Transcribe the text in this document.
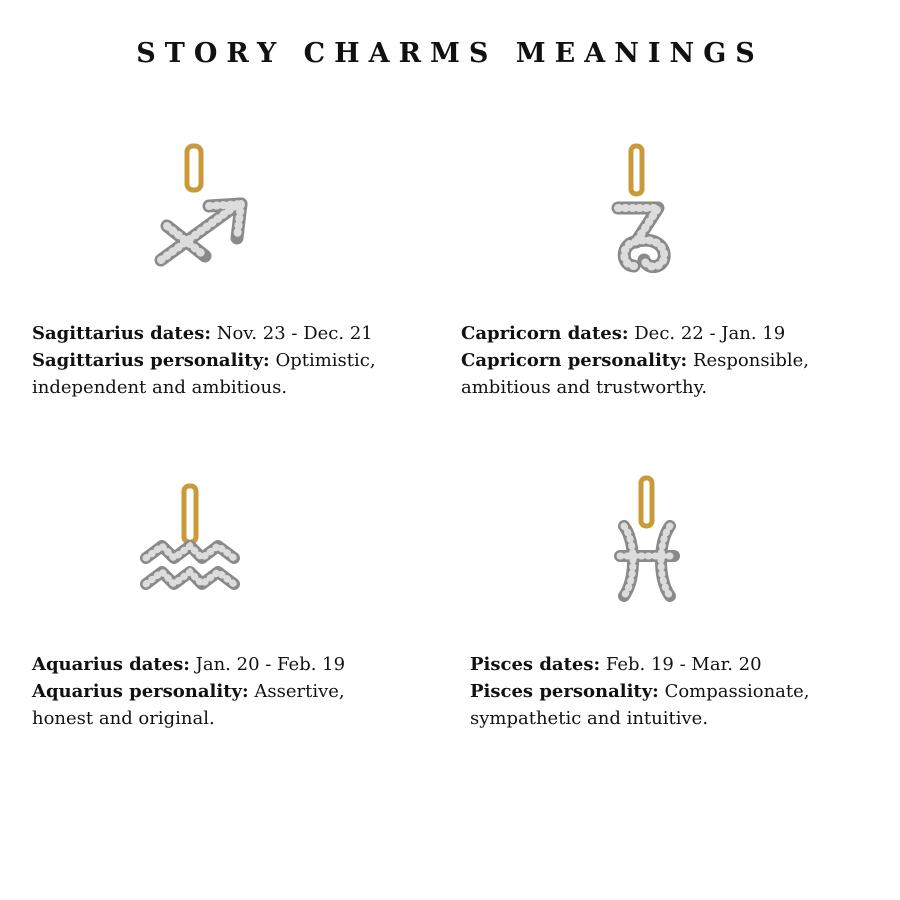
STORY CHARMS MEANINGS

Sagittarius dates: Nov. 23 - Dec. 21

Sagittarius personality: Optimistic,

independent and ambitious.

Capricorn dates: Dec. 22 - Jan. 19

Capricorn personality: Responsible,

ambitious and trustworthy.

Aquarius dates: Jan. 20 - Feb. 19

Aquarius personality: Assertive,

honest and original.

Pisces dates: Feb. 19 - Mar. 20

Pisces personality: Compassionate,

sympathetic and intuitive.
